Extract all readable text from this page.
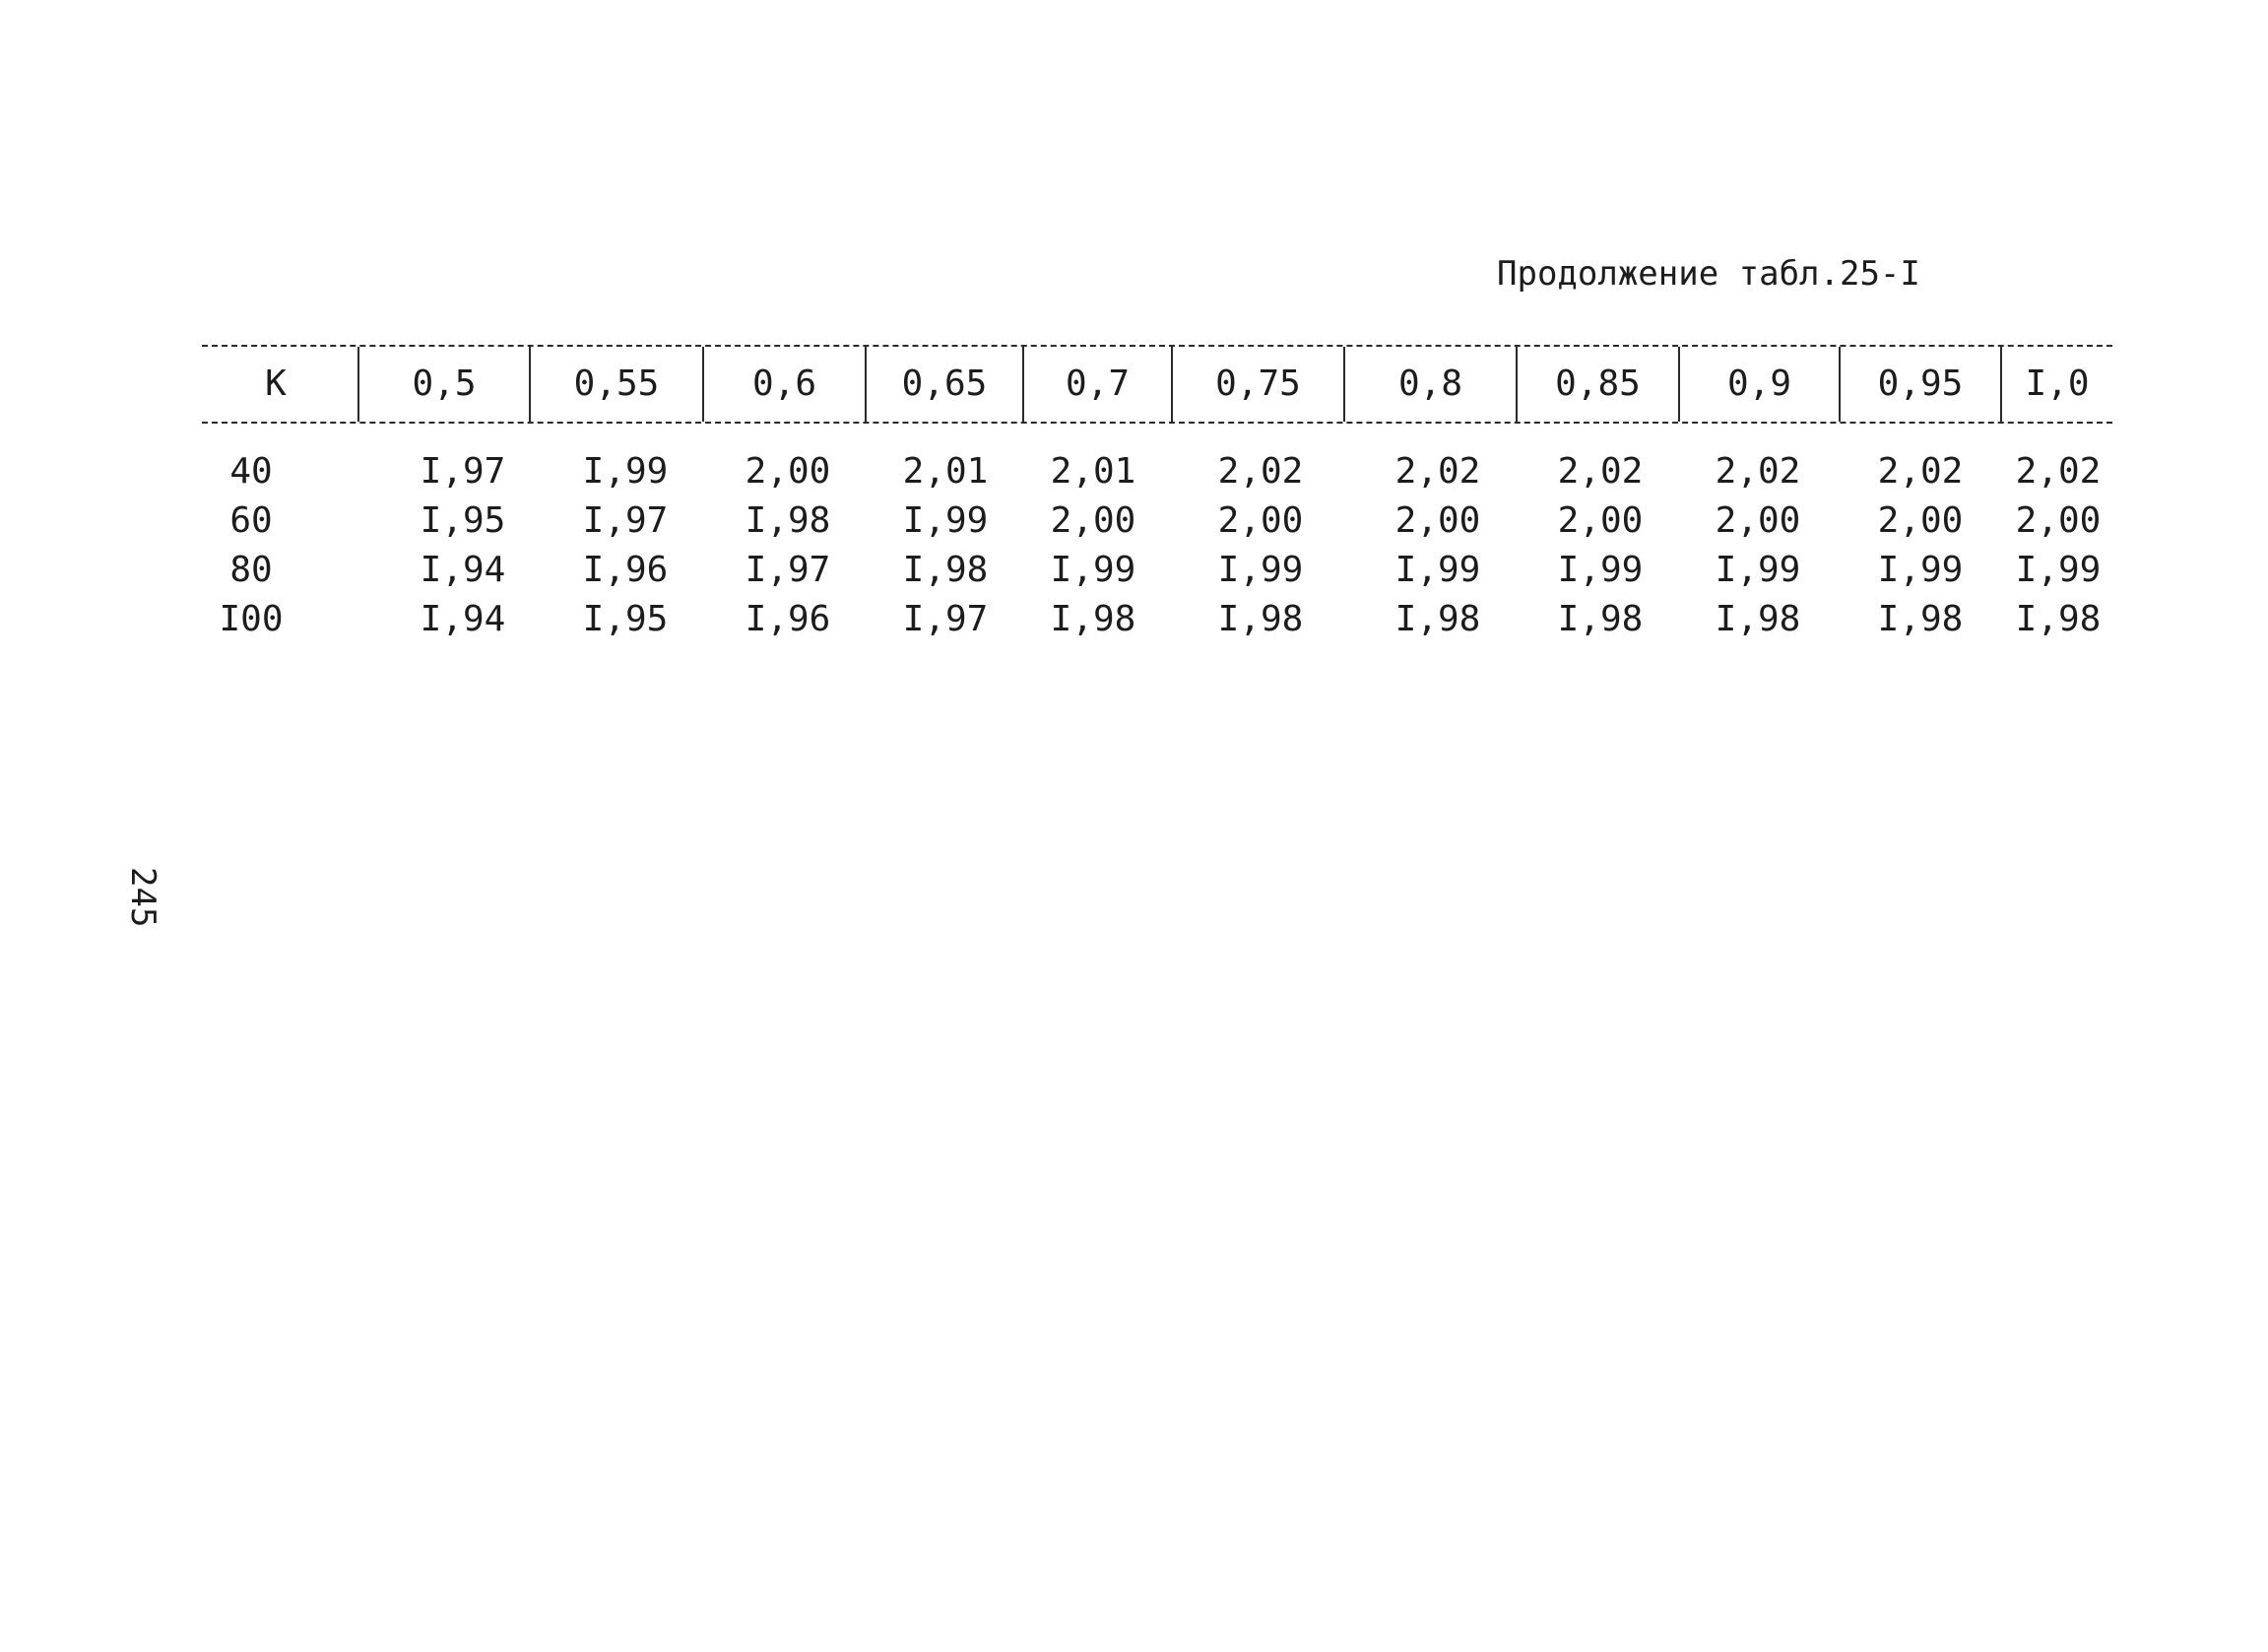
Продолжение табл.25-I
К	0,5	0,55	0,6	0,65	0,7	0,75	0,8	0,85	0,9	0,95	I,0
40	I,97	I,99	2,00	2,01	2,01	2,02	2,02	2,02	2,02	2,02	2,02
60	I,95	I,97	I,98	I,99	2,00	2,00	2,00	2,00	2,00	2,00	2,00
80	I,94	I,96	I,97	I,98	I,99	I,99	I,99	I,99	I,99	I,99	I,99
I00	I,94	I,95	I,96	I,97	I,98	I,98	I,98	I,98	I,98	I,98	I,98
245
